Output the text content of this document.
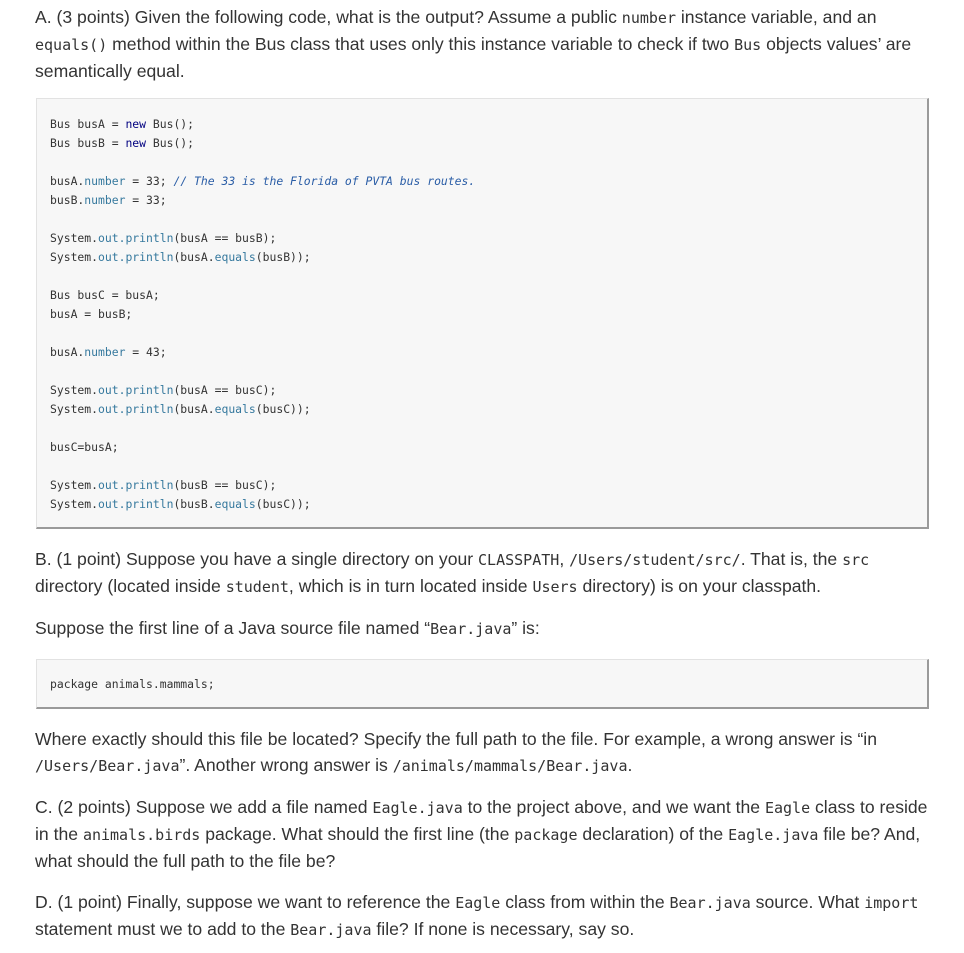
A. (3 points) Given the following code, what is the output? Assume a public number instance variable, and an equals() method within the Bus class that uses only this instance variable to check if two Bus objects values’ are semantically equal.

Bus busA = new Bus();
Bus busB = new Bus();
busA.number = 33; // The 33 is the Florida of PVTA bus routes.
busB.number = 33;
System.out.println(busA == busB);
System.out.println(busA.equals(busB));
Bus busC = busA;
busA = busB;
busA.number = 43;
System.out.println(busA == busC);
System.out.println(busA.equals(busC));
busC=busA;
System.out.println(busB == busC);
System.out.println(busB.equals(busC));

B. (1 point) Suppose you have a single directory on your CLASSPATH, /Users/student/src/. That is, the src directory (located inside student, which is in turn located inside Users directory) is on your classpath.

Suppose the first line of a Java source file named “Bear.java” is:

package animals.mammals;

Where exactly should this file be located? Specify the full path to the file. For example, a wrong answer is “in /Users/Bear.java”. Another wrong answer is /animals/mammals/Bear.java.

C. (2 points) Suppose we add a file named Eagle.java to the project above, and we want the Eagle class to reside in the animals.birds package. What should the first line (the package declaration) of the Eagle.java file be? And, what should the full path to the file be?

D. (1 point) Finally, suppose we want to reference the Eagle class from within the Bear.java source. What import statement must we to add to the Bear.java file? If none is necessary, say so.
